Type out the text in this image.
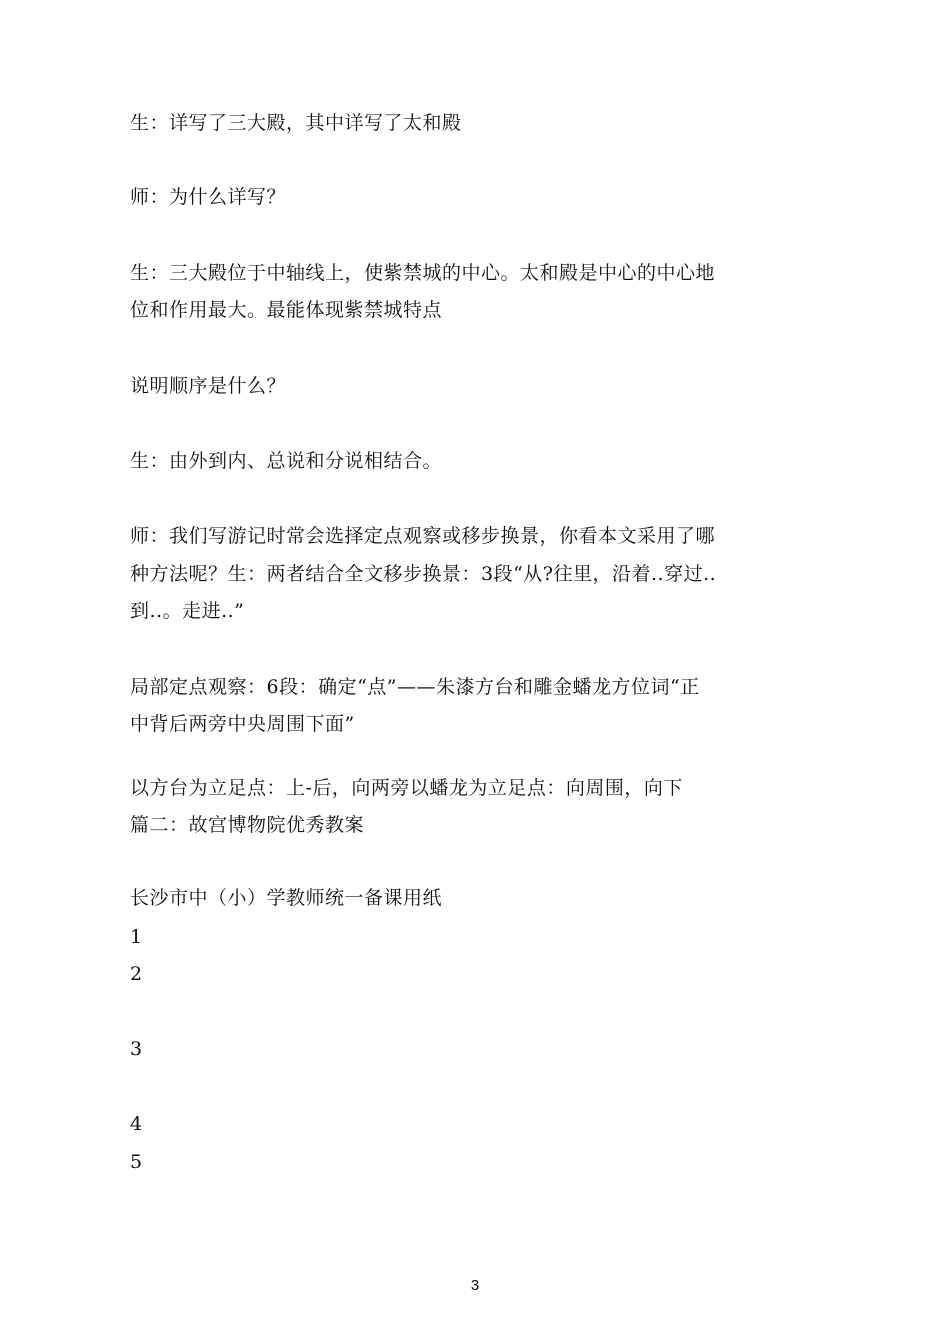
生：详写了三大殿，其中详写了太和殿
师：为什么详写？
生：三大殿位于中轴线上，使紫禁城的中心。太和殿是中心的中心地
位和作用最大。最能体现紫禁城特点
说明顺序是什么？
生：由外到内、总说和分说相结合。
师：我们写游记时常会选择定点观察或移步换景，你看本文采用了哪
种方法呢？生：两者结合全文移步换景：3段“从?往里，沿着..穿过..
到..。走进..”
局部定点观察：6段：确定“点”——朱漆方台和雕金蟠龙方位词“正
中背后两旁中央周围下面”
以方台为立足点：上-后，向两旁以蟠龙为立足点：向周围，向下
篇二：故宫博物院优秀教案
长沙市中（小）学教师统一备课用纸
1
2
3
4
5
3
